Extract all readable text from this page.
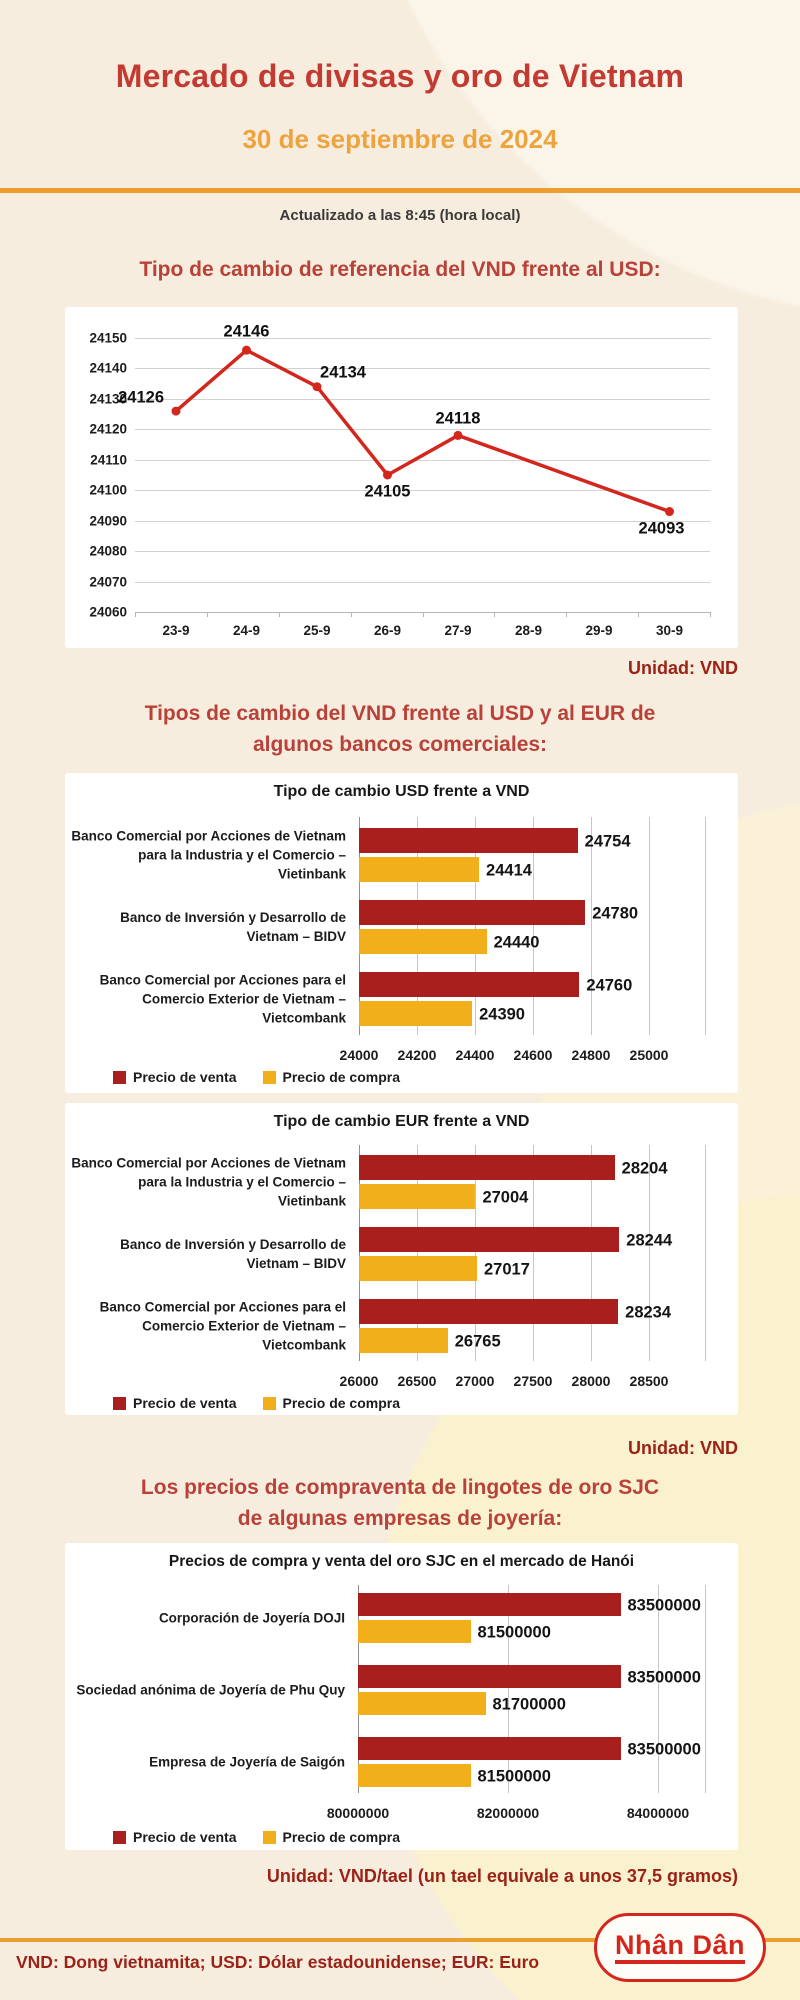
Mercado de divisas y oro de Vietnam
30 de septiembre de 2024
Actualizado a las 8:45 (hora local)
Tipo de cambio de referencia del VND frente al USD:
24150
24140
24130
24120
24110
24100
24090
24080
24070
24060
23-9	24-9	25-9	26-9	27-9	28-9	29-9	30-9
24126
24146
24134
24105
24118
24093
Unidad: VND
Tipos de cambio del VND frente al USD y al EUR de algunos bancos comerciales:
Tipo de cambio USD frente a VND
24000 24200 24400 24600 24800 25000
Banco Comercial por Acciones de Vietnam para la Industria y el Comercio – Vietinbank
24754
24414
Banco de Inversión y Desarrollo de Vietnam – BIDV
24780
24440
Banco Comercial por Acciones para el Comercio Exterior de Vietnam – Vietcombank
24760
24390
Precio de venta	Precio de compra
Tipo de cambio EUR frente a VND
26000 26500 27000 27500 28000 28500
Banco Comercial por Acciones de Vietnam para la Industria y el Comercio – Vietinbank
28204
27004
Banco de Inversión y Desarrollo de Vietnam – BIDV
28244
27017
Banco Comercial por Acciones para el Comercio Exterior de Vietnam – Vietcombank
28234
26765
Precio de venta	Precio de compra
Unidad: VND
Los precios de compraventa de lingotes de oro SJC de algunas empresas de joyería:
Precios de compra y venta del oro SJC en el mercado de Hanói
80000000	82000000	84000000
Corporación de Joyería DOJI
83500000
81500000
Sociedad anónima de Joyería de Phu Quy
83500000
81700000
Empresa de Joyería de Saigón
83500000
81500000
Precio de venta	Precio de compra
Unidad: VND/tael (un tael equivale a unos 37,5 gramos)
VND: Dong vietnamita; USD: Dólar estadounidense; EUR: Euro
Nhân Dân
